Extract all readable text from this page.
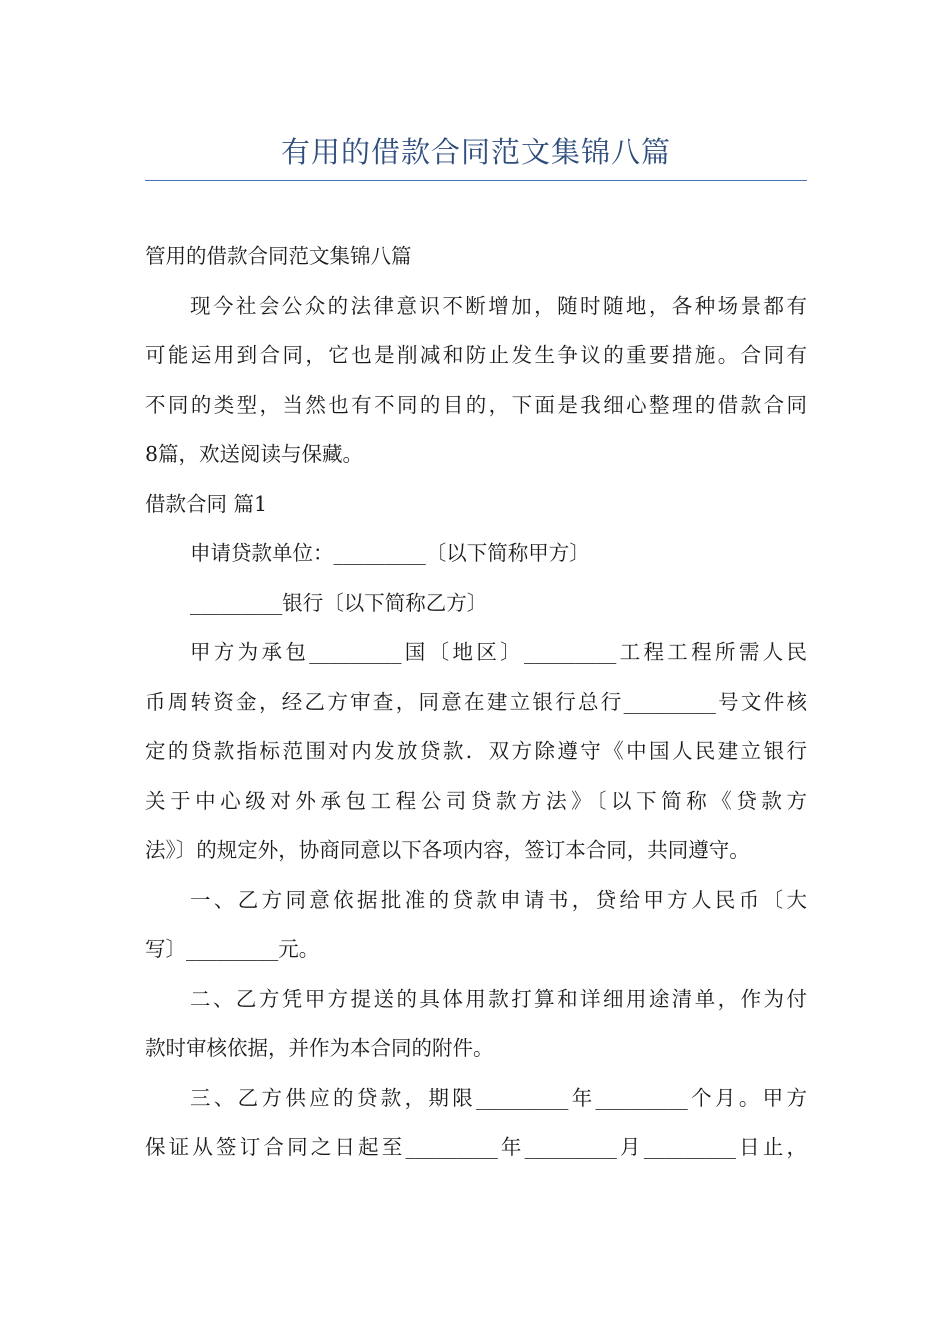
有用的借款合同范文集锦八篇
管用的借款合同范文集锦八篇
现今社会公众的法律意识不断增加，随时随地，各种场景都有
可能运用到合同，它也是削减和防止发生争议的重要措施。合同有
不同的类型，当然也有不同的目的，下面是我细心整理的借款合同
8篇，欢送阅读与保藏。
借款合同 篇1
申请贷款单位：_________〔以下简称甲方〕
_________银行〔以下简称乙方〕
甲方为承包_________国〔地区〕_________工程工程所需人民
币周转资金，经乙方审查，同意在建立银行总行_________号文件核
定的贷款指标范围对内发放贷款．双方除遵守《中国人民建立银行
关于中心级对外承包工程公司贷款方法》〔以下简称《贷款方
法》〕的规定外，协商同意以下各项内容，签订本合同，共同遵守。
一、乙方同意依据批准的贷款申请书，贷给甲方人民币〔大
写〕_________元。
二、乙方凭甲方提送的具体用款打算和详细用途清单，作为付
款时审核依据，并作为本合同的附件。
三、乙方供应的贷款，期限_________年_________个月。甲方
保证从签订合同之日起至_________年_________月_________日止，
